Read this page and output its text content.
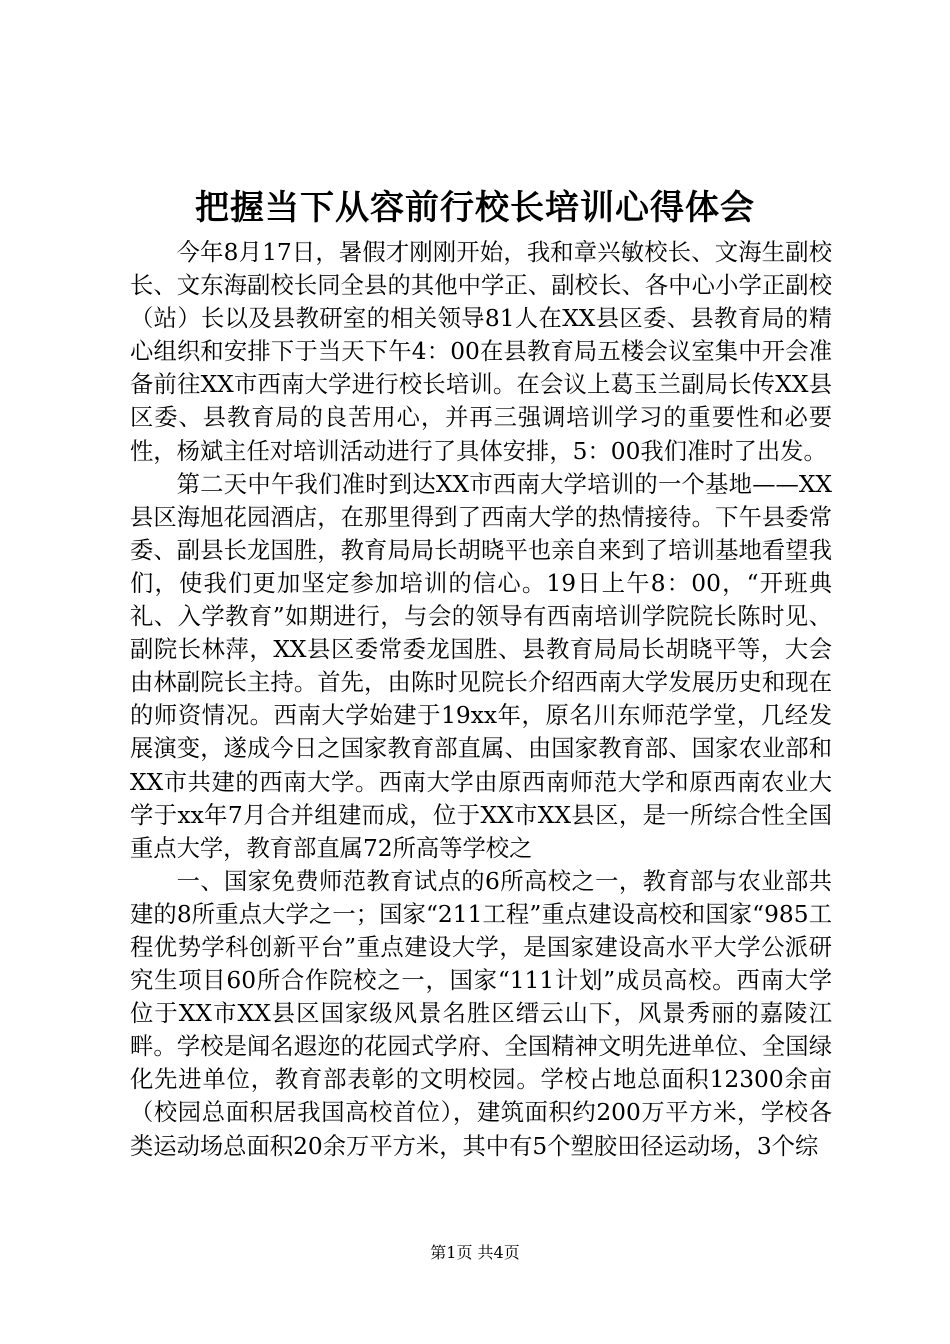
把握当下从容前行校长培训心得体会

今年8月17日，暑假才刚刚开始，我和章兴敏校长、文海生副校长、文东海副校长同全县的其他中学正、副校长、各中心小学正副校（站）长以及县教研室的相关领导81人在XX县区委、县教育局的精心组织和安排下于当天下午4：00在县教育局五楼会议室集中开会准备前往XX市西南大学进行校长培训。在会议上葛玉兰副局长传XX县区委、县教育局的良苦用心，并再三强调培训学习的重要性和必要性，杨斌主任对培训活动进行了具体安排，5：00我们准时了出发。

第二天中午我们准时到达XX市西南大学培训的一个基地——XX县区海旭花园酒店，在那里得到了西南大学的热情接待。下午县委常委、副县长龙国胜，教育局局长胡晓平也亲自来到了培训基地看望我们，使我们更加坚定参加培训的信心。19日上午8：00，“开班典礼、入学教育”如期进行，与会的领导有西南培训学院院长陈时见、副院长林萍，XX县区委常委龙国胜、县教育局局长胡晓平等，大会由林副院长主持。首先，由陈时见院长介绍西南大学发展历史和现在的师资情况。西南大学始建于19xx年，原名川东师范学堂，几经发展演变，遂成今日之国家教育部直属、由国家教育部、国家农业部和XX市共建的西南大学。西南大学由原西南师范大学和原西南农业大学于xx年7月合并组建而成，位于XX市XX县区，是一所综合性全国重点大学，教育部直属72所高等学校之

一、国家免费师范教育试点的6所高校之一，教育部与农业部共建的8所重点大学之一；国家“211工程”重点建设高校和国家“985工程优势学科创新平台”重点建设大学，是国家建设高水平大学公派研究生项目60所合作院校之一，国家“111计划”成员高校。西南大学位于XX市XX县区国家级风景名胜区缙云山下，风景秀丽的嘉陵江畔。学校是闻名遐迩的花园式学府、全国精神文明先进单位、全国绿化先进单位，教育部表彰的文明校园。学校占地总面积12300余亩（校园总面积居我国高校首位），建筑面积约200万平方米，学校各类运动场总面积20余万平方米，其中有5个塑胶田径运动场，3个综

第1页 共4页
